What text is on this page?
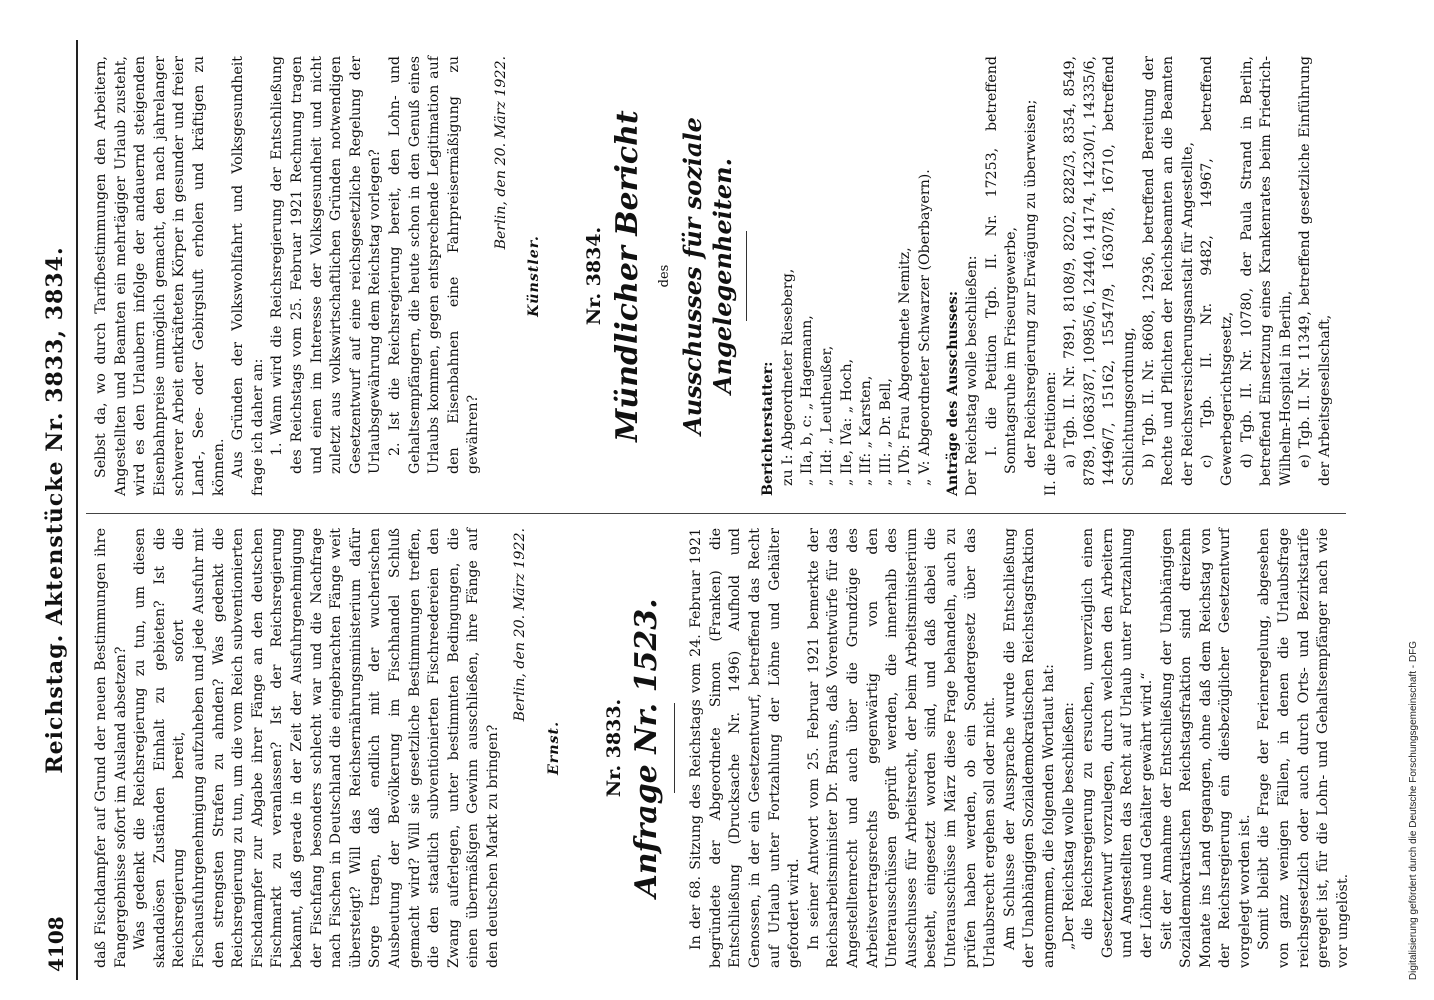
4108
Reichstag. Aktenstücke Nr. 3833, 3834. daß Fischdampfer auf Grund der neuen Bestimmungen ihre Fangergebnisse sofort im Ausland absetzen? Was gedenkt die Reichsregierung zu tun, um diesen skandalösen Zuständen Einhalt zu gebieten? Ist die Reichsregierung bereit, sofort die Fischausfuhrgenehmigung aufzuheben und jede Ausfuhr mit den strengsten Strafen zu ahnden? Was gedenkt die Reichsregierung zu tun, um die vom Reich subventionierten Fischdampfer zur Abgabe ihrer Fänge an den deutschen Fischmarkt zu veranlassen? Ist der Reichsregierung bekannt, daß gerade in der Zeit der Ausfuhrgenehmigung der Fischfang besonders schlecht war und die Nachfrage nach Fischen in Deutschland die eingebrachten Fänge weit übersteigt? Will das Reichsernährungsministerium dafür Sorge tragen, daß endlich mit der wucherischen Ausbeutung der Bevölkerung im Fischhandel Schluß gemacht wird? Will sie gesetzliche Bestimmungen treffen, die den staatlich subventionierten Fischreedereien den Zwang auferlegen, unter bestimmten Bedingungen, die einen übermäßigen Gewinn ausschließen, ihre Fänge auf den deutschen Markt zu bringen?

Berlin, den 20. März 1922.
Ernst. Nr. 3833. Anfrage Nr. 1523. In der 68. Sitzung des Reichstags vom 24. Februar 1921 begründete der Abgeordnete Simon (Franken) die Entschließung (Drucksache Nr. 1496) Aufhold und Genossen, in der ein Gesetzentwurf, betreffend das Recht auf Urlaub unter Fortzahlung der Löhne und Gehälter gefordert wird. In seiner Antwort vom 25. Februar 1921 bemerkte der Reichsarbeitsminister Dr. Brauns, daß Vorentwürfe für das Angestelltenrecht und auch über die Grundzüge des Arbeitsvertragsrechts gegenwärtig von den Unterausschüssen geprüft werden, die innerhalb des Ausschusses für Arbeitsrecht, der beim Arbeitsministerium besteht, eingesetzt worden sind, und daß dabei die Unterausschüsse im März diese Frage behandeln, auch zu prüfen haben werden, ob ein Sondergesetz über das Urlaubsrecht ergehen soll oder nicht. Am Schlusse der Aussprache wurde die Entschließung der Unabhängigen Sozialdemokratischen Reichstagsfraktion angenommen, die folgenden Wortlaut hat: „Der Reichstag wolle beschließen: die Reichsregierung zu ersuchen, unverzüglich einen Gesetzentwurf vorzulegen, durch welchen den Arbeitern und Angestellten das Recht auf Urlaub unter Fortzahlung der Löhne und Gehälter gewährt wird.“ Seit der Annahme der Entschließung der Unabhängigen Sozialdemokratischen Reichstagsfraktion sind dreizehn Monate ins Land gegangen, ohne daß dem Reichstag von der Reichsregierung ein diesbezüglicher Gesetzentwurf vorgelegt worden ist. Somit bleibt die Frage der Ferienregelung, abgesehen von ganz wenigen Fällen, in denen die Urlaubsfrage reichsgesetzlich oder auch durch Orts- und Bezirkstarife geregelt ist, für die Lohn- und Gehaltsempfänger nach wie vor ungelöst.

Selbst da, wo durch Tarifbestimmungen den Arbeitern, Angestellten und Beamten ein mehrtägiger Urlaub zusteht, wird es den Urlaubern infolge der andauernd steigenden Eisenbahnpreise unmöglich gemacht, den nach jahrelanger schwerer Arbeit entkräfteten Körper in gesunder und freier Land-, See- oder Gebirgsluft erholen und kräftigen zu können. Aus Gründen der Volkswohlfahrt und Volksgesundheit frage ich daher an: 1. Wann wird die Reichsregierung der Entschließung des Reichstags vom 25. Februar 1921 Rechnung tragen und einen im Interesse der Volksgesundheit und nicht zuletzt aus volkswirtschaftlichen Gründen notwendigen Gesetzentwurf auf eine reichsgesetzliche Regelung der Urlaubsgewährung dem Reichstag vorlegen? 2. Ist die Reichsregierung bereit, den Lohn- und Gehaltsempfängern, die heute schon in den Genuß eines Urlaubs kommen, gegen entsprechende Legitimation auf den Eisenbahnen eine Fahrpreisermäßigung zu gewähren?

Berlin, den 20. März 1922.
Künstler. Nr. 3834. Mündlicher Bericht des Ausschusses für soziale Angelegenheiten.
Berichterstatter: zu I: Abgeordneter Rieseberg, „ IIa, b, c: „ Hagemann, „ IId: „ Leutheußer, „ IIe, IVa: „ Hoch, „ IIf: „ Karsten, „ III: „ Dr. Bell, „ IVb: Frau Abgeordnete Nemitz, „ V: Abgeordneter Schwarzer (Oberbayern). Anträge des Ausschusses: Der Reichstag wolle beschließen: I. die Petition Tgb. II. Nr. 17253, betreffend Sonntagsruhe im Friseurgewerbe, der Reichsregierung zur Erwägung zu überweisen; II. die Petitionen: a) Tgb. II. Nr. 7891, 8108/9, 8202, 8282/3, 8354, 8549, 8789, 10683/87, 10985/6, 12440, 14174, 14230/1, 14335/6, 14496/7, 15162, 15547/9, 16307/8, 16710, betreffend Schlichtungsordnung, b) Tgb. II. Nr. 8608, 12936, betreffend Bereitung der Rechte und Pflichten der Reichsbeamten an die Beamten der Reichsversicherungsanstalt für Angestellte, c) Tgb. II. Nr. 9482, 14967, betreffend Gewerbegerichtsgesetz, d) Tgb. II. Nr. 10780, der Paula Strand in Berlin, betreffend Einsetzung eines Krankenrates beim Friedrich-Wilhelm-Hospital in Berlin, e) Tgb. II. Nr. 11349, betreffend gesetzliche Einführung der Arbeitsgesellschaft,

Digitalisierung gefördert durch die Deutsche Forschungsgemeinschaft - DFG
